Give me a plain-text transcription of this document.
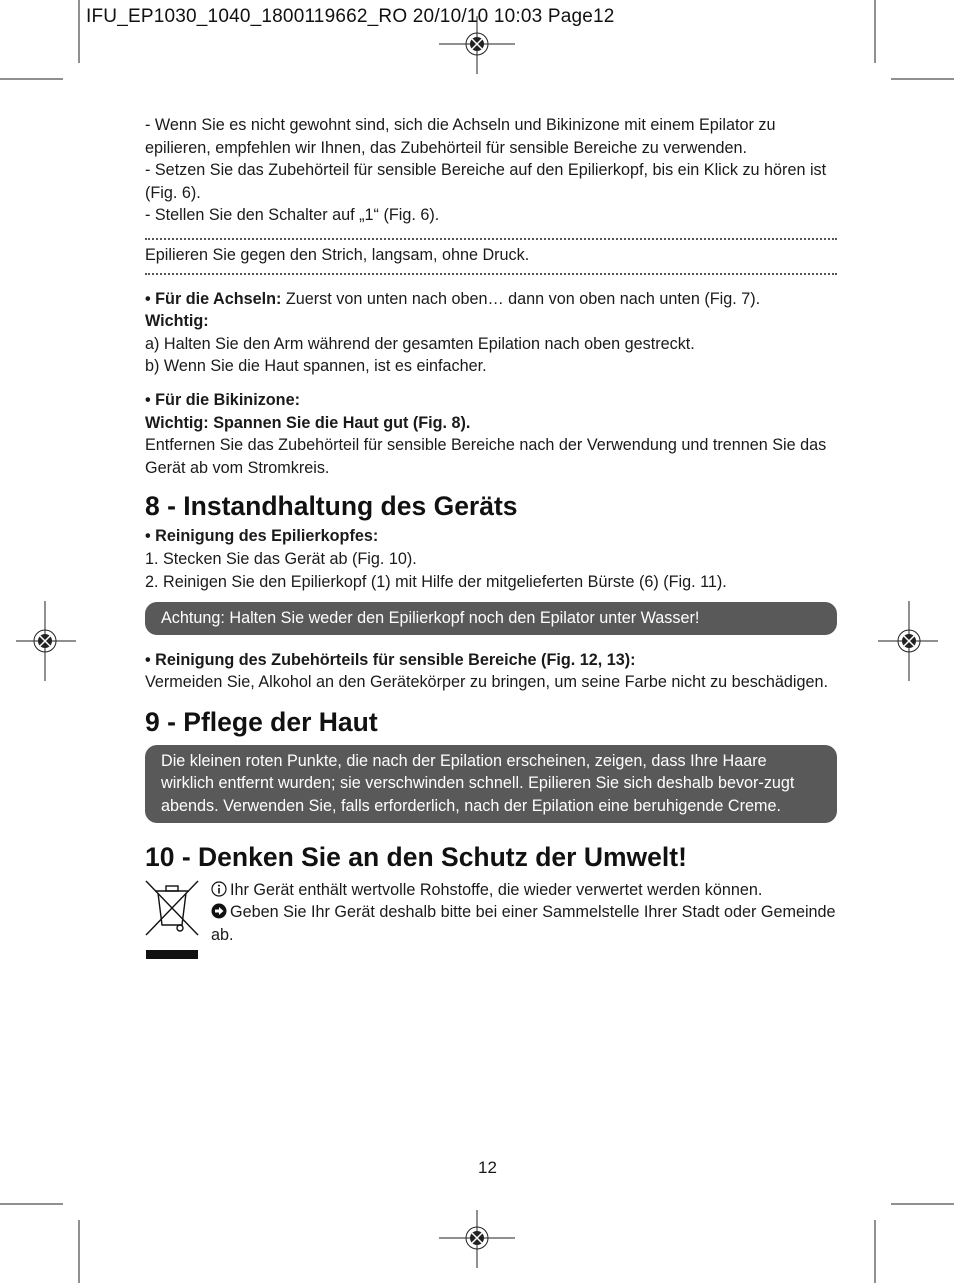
IFU_EP1030_1040_1800119662_RO 20/10/10 10:03 Page12

- Wenn Sie es nicht gewohnt sind, sich die Achseln und Bikinizone mit einem Epilator zu epilieren, empfehlen wir Ihnen, das Zubehörteil für sensible Bereiche zu verwenden.

- Setzen Sie das Zubehörteil für sensible Bereiche auf den Epilierkopf, bis ein Klick zu hören ist (Fig. 6).

- Stellen Sie den Schalter auf „1“ (Fig. 6).

Epilieren Sie gegen den Strich, langsam, ohne Druck.

• Für die Achseln: Zuerst von unten nach oben… dann von oben nach unten (Fig. 7).

Wichtig:

a) Halten Sie den Arm während der gesamten Epilation nach oben gestreckt.

b) Wenn Sie die Haut spannen, ist es einfacher.

• Für die Bikinizone:

Wichtig: Spannen Sie die Haut gut (Fig. 8).

Entfernen Sie das Zubehörteil für sensible Bereiche nach der Verwendung und trennen Sie das Gerät ab vom Stromkreis.

8 - Instandhaltung des Geräts

• Reinigung des Epilierkopfes:

1. Stecken Sie das Gerät ab (Fig. 10).

2. Reinigen Sie den Epilierkopf (1) mit Hilfe der mitgelieferten Bürste (6) (Fig. 11).

Achtung: Halten Sie weder den Epilierkopf noch den Epilator unter Wasser!

• Reinigung des Zubehörteils für sensible Bereiche (Fig. 12, 13):

Vermeiden Sie, Alkohol an den Gerätekörper zu bringen, um seine Farbe nicht zu beschädigen.

9 - Pflege der Haut
Die kleinen roten Punkte, die nach der Epilation erscheinen, zeigen, dass Ihre Haare wirklich entfernt wurden; sie verschwinden schnell. Epilieren Sie sich deshalb bevor-zugt abends. Verwenden Sie, falls erforderlich, nach der Epilation eine beruhigende Creme.
10 - Denken Sie an den Schutz der Umwelt!

Ihr Gerät enthält wertvolle Rohstoffe, die wieder verwertet werden können.

Geben Sie Ihr Gerät deshalb bitte bei einer Sammelstelle Ihrer Stadt oder Gemeinde ab.

12
